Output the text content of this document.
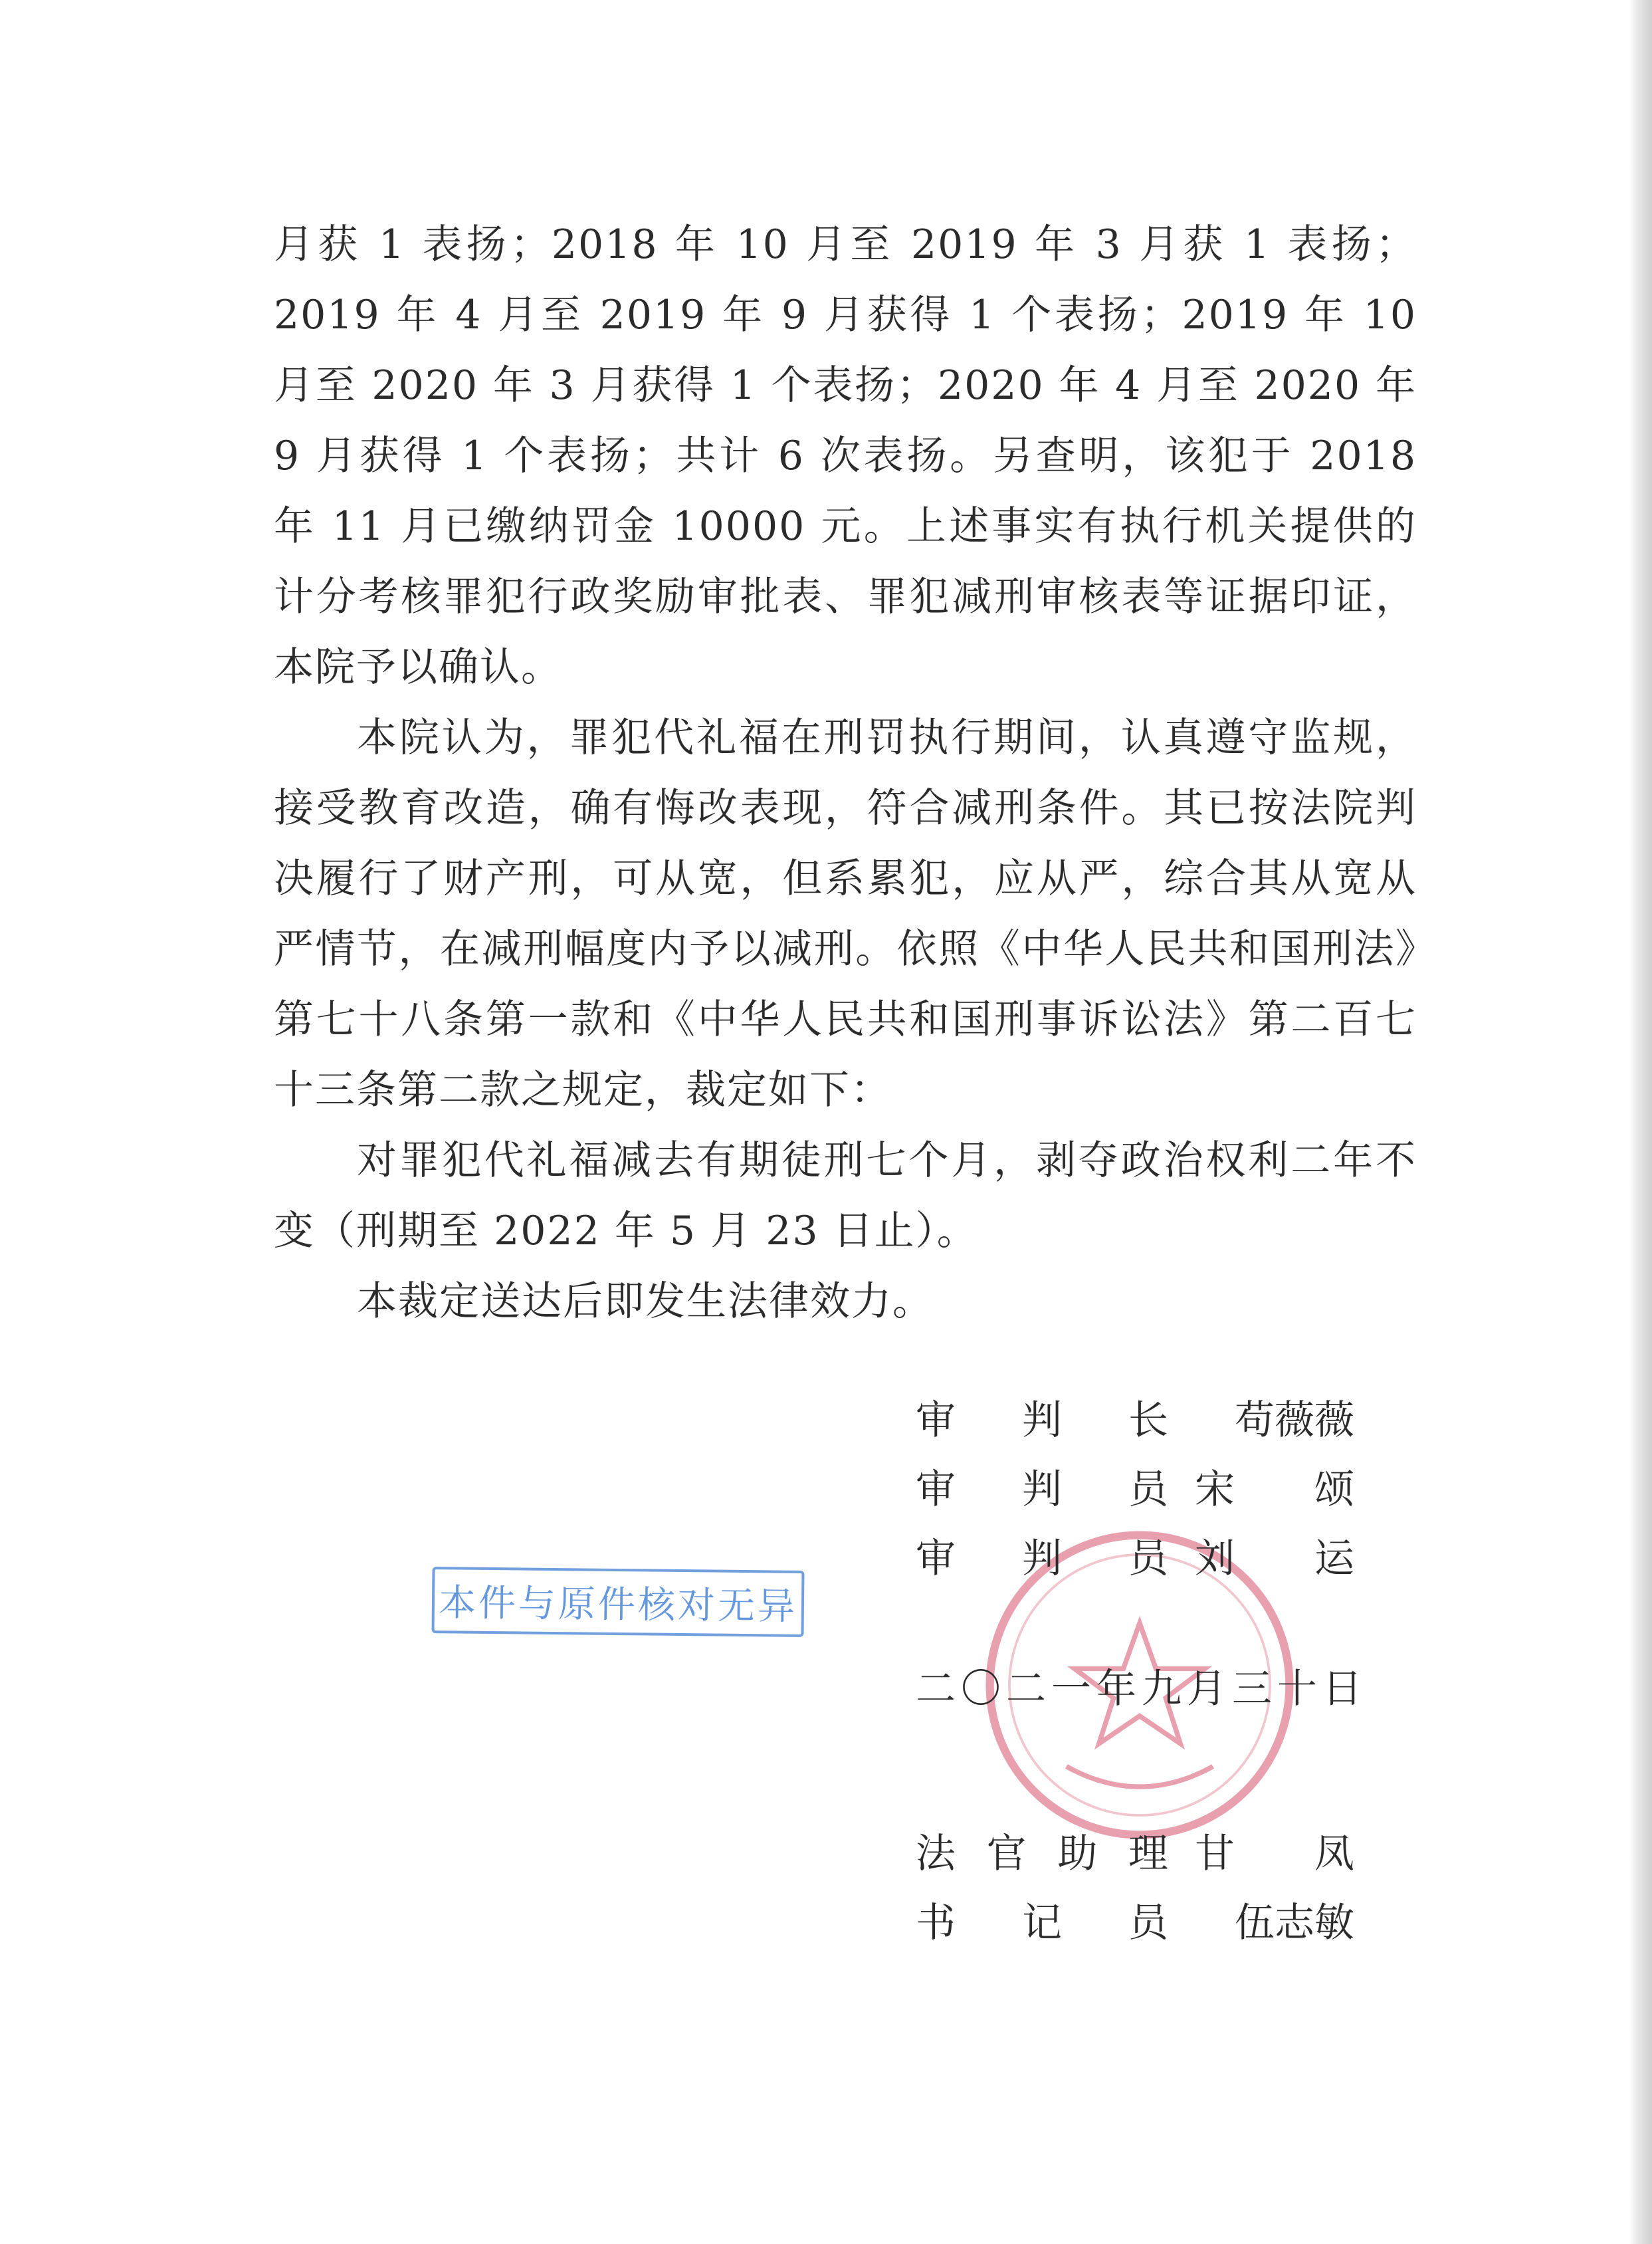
月获 1 表扬；2018 年 10 月至 2019 年 3 月获 1 表扬；2019 年 4 月至 2019 年 9 月获得 1 个表扬；2019 年 10 月至 2020 年 3 月获得 1 个表扬；2020 年 4 月至 2020 年 9 月获得 1 个表扬；共计 6 次表扬。另查明，该犯于 2018 年 11 月已缴纳罚金 10000 元。上述事实有执行机关提供的计分考核罪犯行政奖励审批表、罪犯减刑审核表等证据印证，本院予以确认。

本院认为，罪犯代礼福在刑罚执行期间，认真遵守监规，接受教育改造，确有悔改表现，符合减刑条件。其已按法院判决履行了财产刑，可从宽，但系累犯，应从严，综合其从宽从严情节，在减刑幅度内予以减刑。依照《中华人民共和国刑法》第七十八条第一款和《中华人民共和国刑事诉讼法》第二百七十三条第二款之规定，裁定如下：

对罪犯代礼福减去有期徒刑七个月，剥夺政治权利二年不变（刑期至 2022 年 5 月 23 日止）。

本裁定送达后即发生法律效力。

审 判 长 苟薇薇
审 判 员 宋 颂
审 判 员 刘 运
二〇二一年九月三十日
法 官 助 理 甘 凤
书 记 员 伍志敏
本件与原件核对无异
